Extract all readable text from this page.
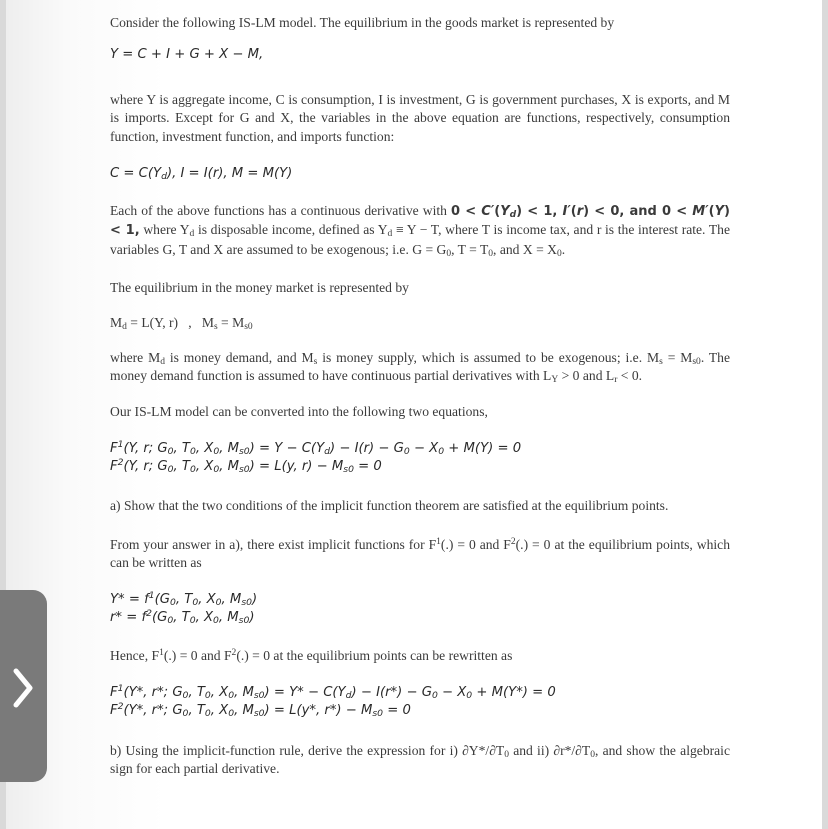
Consider the following IS-LM model. The equilibrium in the goods market is represented by
Y = C + I + G + X − M,
where Y is aggregate income, C is consumption, I is investment, G is government purchases, X is exports, and M is imports. Except for G and X, the variables in the above equation are functions, respectively, consumption function, investment function, and imports function:
$C = C(Y_d)$, I = I(r), M = M(Y)
Each of the above functions has a continuous derivative with $0 < C'(Y_d) < 1$, I′(r) < 0, and 0 < M′(Y) < 1, where $Y_d$ is disposable income, defined as $Y_d \equiv Y - T$, where T is income tax, and r is the interest rate. The variables G, T and X are assumed to be exogenous; i.e. $G = G_0$, $T = T_0$, and $X = X_0$.
The equilibrium in the money market is represented by
$M_d = L(Y$, r)   ,   $M_s = M_{s0}$
where $M_d$ is money demand, and $M_s$ is money supply, which is assumed to be exogenous; i.e. $M_s = M_{s0}$. The money demand function is assumed to have continuous partial derivatives with $L_Y > 0$ and $L_r < 0$.
Our IS-LM model can be converted into the following two equations,
$F^1(Y$, r; $G_0$, $T_0$, $X_0$, $M_{s0}) = Y - C(Y_d) - I(r) - G_0 - X_0 + M(Y) = 0$
$F^2(Y$, r; $G_0$, $T_0$, $X_0$, $M_{s0}) = L(y$, $r) - M_{s0} = 0$
a) Show that the two conditions of the implicit function theorem are satisfied at the equilibrium points.
From your answer in a), there exist implicit functions for $F^1(.) = 0$ and $F^2(.) = 0$ at the equilibrium points, which can be written as
$Y* = f^1(G_0$, $T_0$, $X_0$, $M_{s0}$)
$r* = f^2(G_0$, $T_0$, $X_0$, $M_{s0}$)
Hence, $F^1(.) = 0$ and $F^2(.) = 0$ at the equilibrium points can be rewritten as
$F^1(Y*$, r*; $G_0$, $T_0$, $X_0$, $M_{s0}) = Y* - C(Y_d) - I(r*) - G_0 - X_0 + M(Y*) = 0$
$F^2(Y*$, r*; $G_0$, $T_0$, $X_0$, $M_{s0}) = L(y*$, $r*) - M_{s0} = 0$
b) Using the implicit-function rule, derive the expression for i) $\partial Y*/\partial T_0$ and ii) $\partial r*/\partial T_0$, and show the algebraic sign for each partial derivative.
